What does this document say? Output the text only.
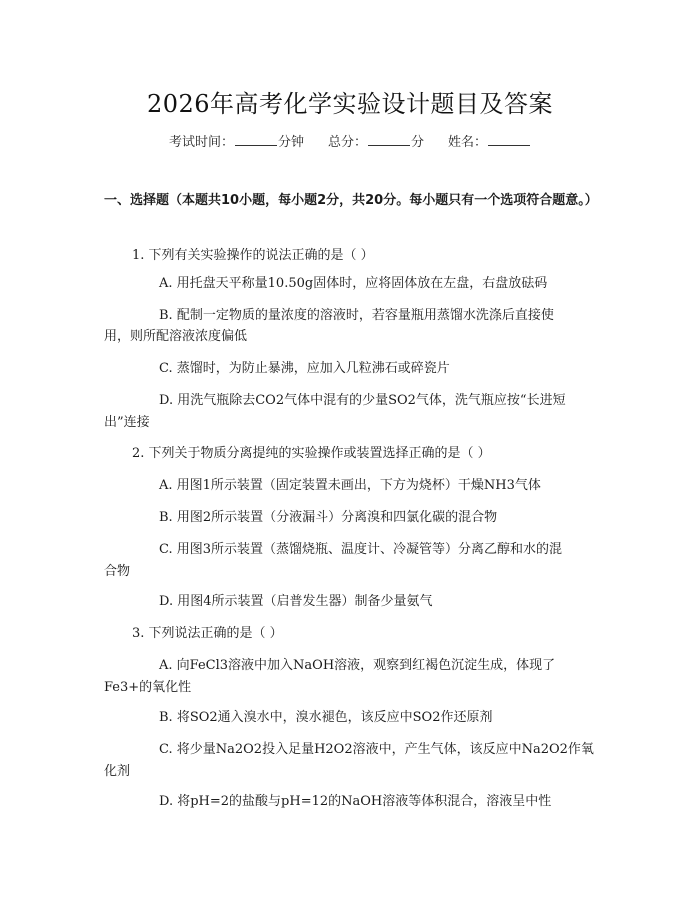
2026年高考化学实验设计题目及答案
考试时间：	分钟 总分：	分 姓名：
一、选择题（本题共10小题，每小题2分，共20分。每小题只有一个选项符合题意。）
1. 下列有关实验操作的说法正确的是（ ）
A. 用托盘天平称量10.50g固体时，应将固体放在左盘，右盘放砝码
B. 配制一定物质的量浓度的溶液时，若容量瓶用蒸馏水洗涤后直接使
用，则所配溶液浓度偏低
C. 蒸馏时，为防止暴沸，应加入几粒沸石或碎瓷片
D. 用洗气瓶除去CO2气体中混有的少量SO2气体，洗气瓶应按“长进短
出”连接
2. 下列关于物质分离提纯的实验操作或装置选择正确的是（ ）
A. 用图1所示装置（固定装置未画出，下方为烧杯）干燥NH3气体
B. 用图2所示装置（分液漏斗）分离溴和四氯化碳的混合物
C. 用图3所示装置（蒸馏烧瓶、温度计、冷凝管等）分离乙醇和水的混
合物
D. 用图4所示装置（启普发生器）制备少量氨气
3. 下列说法正确的是（ ）
A. 向FeCl3溶液中加入NaOH溶液，观察到红褐色沉淀生成，体现了
Fe3+的氧化性
B. 将SO2通入溴水中，溴水褪色，该反应中SO2作还原剂
C. 将少量Na2O2投入足量H2O2溶液中，产生气体，该反应中Na2O2作氧
化剂
D. 将pH=2的盐酸与pH=12的NaOH溶液等体积混合，溶液呈中性
